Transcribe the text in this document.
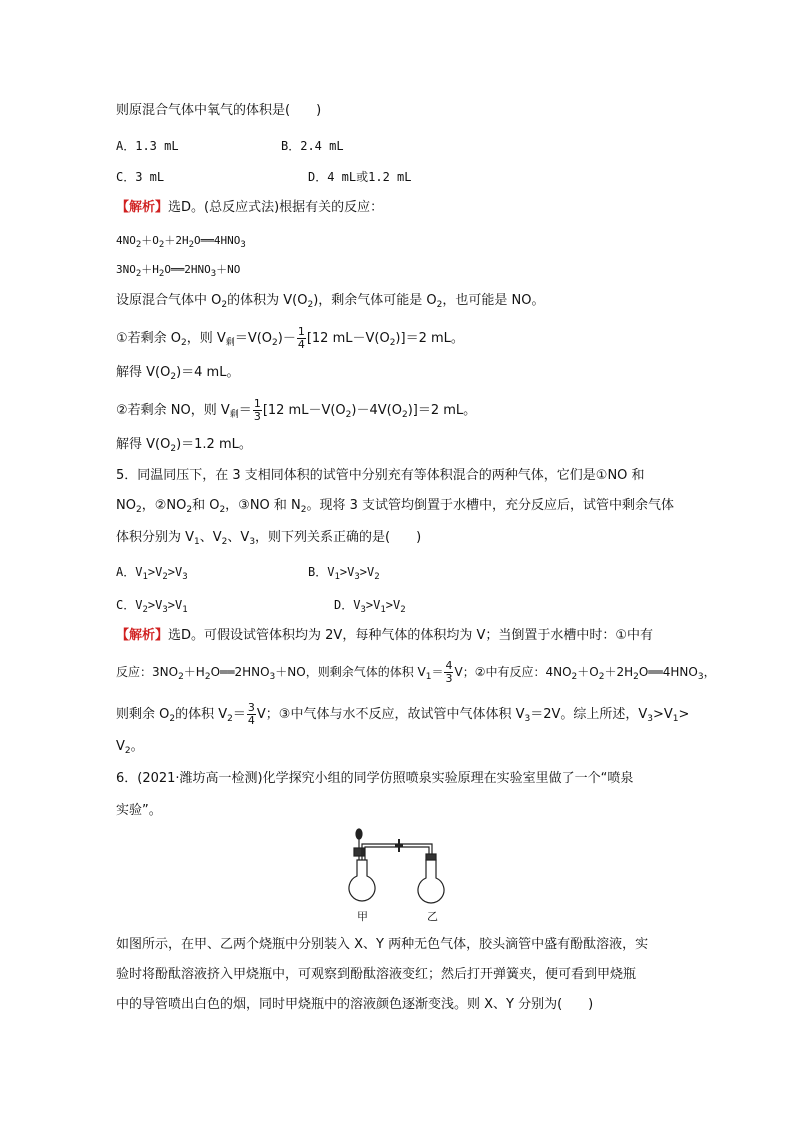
则原混合气体中氧气的体积是(　　)
A．1.3 mL	B．2.4 mL
C．3 mL	D．4 mL或1.2 mL
【解析】选D。(总反应式法)根据有关的反应：
$4NO_2+O_2+2H_2O══4HNO_3$
$3NO_2+H_2O══2HNO_3+NO$
设原混合气体中 $O_2$的体积为 $V(O_2)$，剩余气体可能是 $O_2$，也可能是 NO。
①若剩余 $O_2$，则 $V_剩=V(O_2)- \frac{1}{4} [12$ $mL-V(O_2)]=2$ mL。
解得 $V(O_2)=4$ mL。
②若剩余 NO，则 $V_剩= \frac{1}{3} [12$ $mL-V(O_2)-4V(O_2)]=2$ mL。
解得 $V(O_2)=1.2$ mL。
5．同温同压下，在 3 支相同体积的试管中分别充有等体积混合的两种气体，它们是①NO 和
$NO_2$，$②NO_2$和 $O_2$，③NO 和 $N_2$。现将 3 支试管均倒置于水槽中，充分反应后，试管中剩余气体
体积分别为 $V_1$、$V_2$、$V_3$，则下列关系正确的是(　　)
A．$V_1>V_2>V_3$	B．$V_1>V_3>V_2$
C．$V_2>V_3>V_1$	D．$V_3>V_1>V_2$
【解析】选D。可假设试管体积均为 2V，每种气体的体积均为 V；当倒置于水槽中时：①中有
反应：$3NO_2+H_2O══2HNO_3+NO$，则剩余气体的体积 $V_1= \frac{4}{3}$ V；②中有反应：$4NO_2+O_2+2H_2O══4HNO_3$，
则剩余 $O_2$的体积 $V_2= \frac{3}{4}$ V；③中气体与水不反应，故试管中气体体积 $V_3=2V$。综上所述，$V_3>V_1>$
$V_2$。
6．(2021·潍坊高一检测)化学探究小组的同学仿照喷泉实验原理在实验室里做了一个“喷泉
实验”。
甲	乙
如图所示，在甲、乙两个烧瓶中分别装入 X、Y 两种无色气体，胶头滴管中盛有酚酞溶液，实
验时将酚酞溶液挤入甲烧瓶中，可观察到酚酞溶液变红；然后打开弹簧夹，便可看到甲烧瓶
中的导管喷出白色的烟，同时甲烧瓶中的溶液颜色逐渐变浅。则 X、Y 分别为(　　)
